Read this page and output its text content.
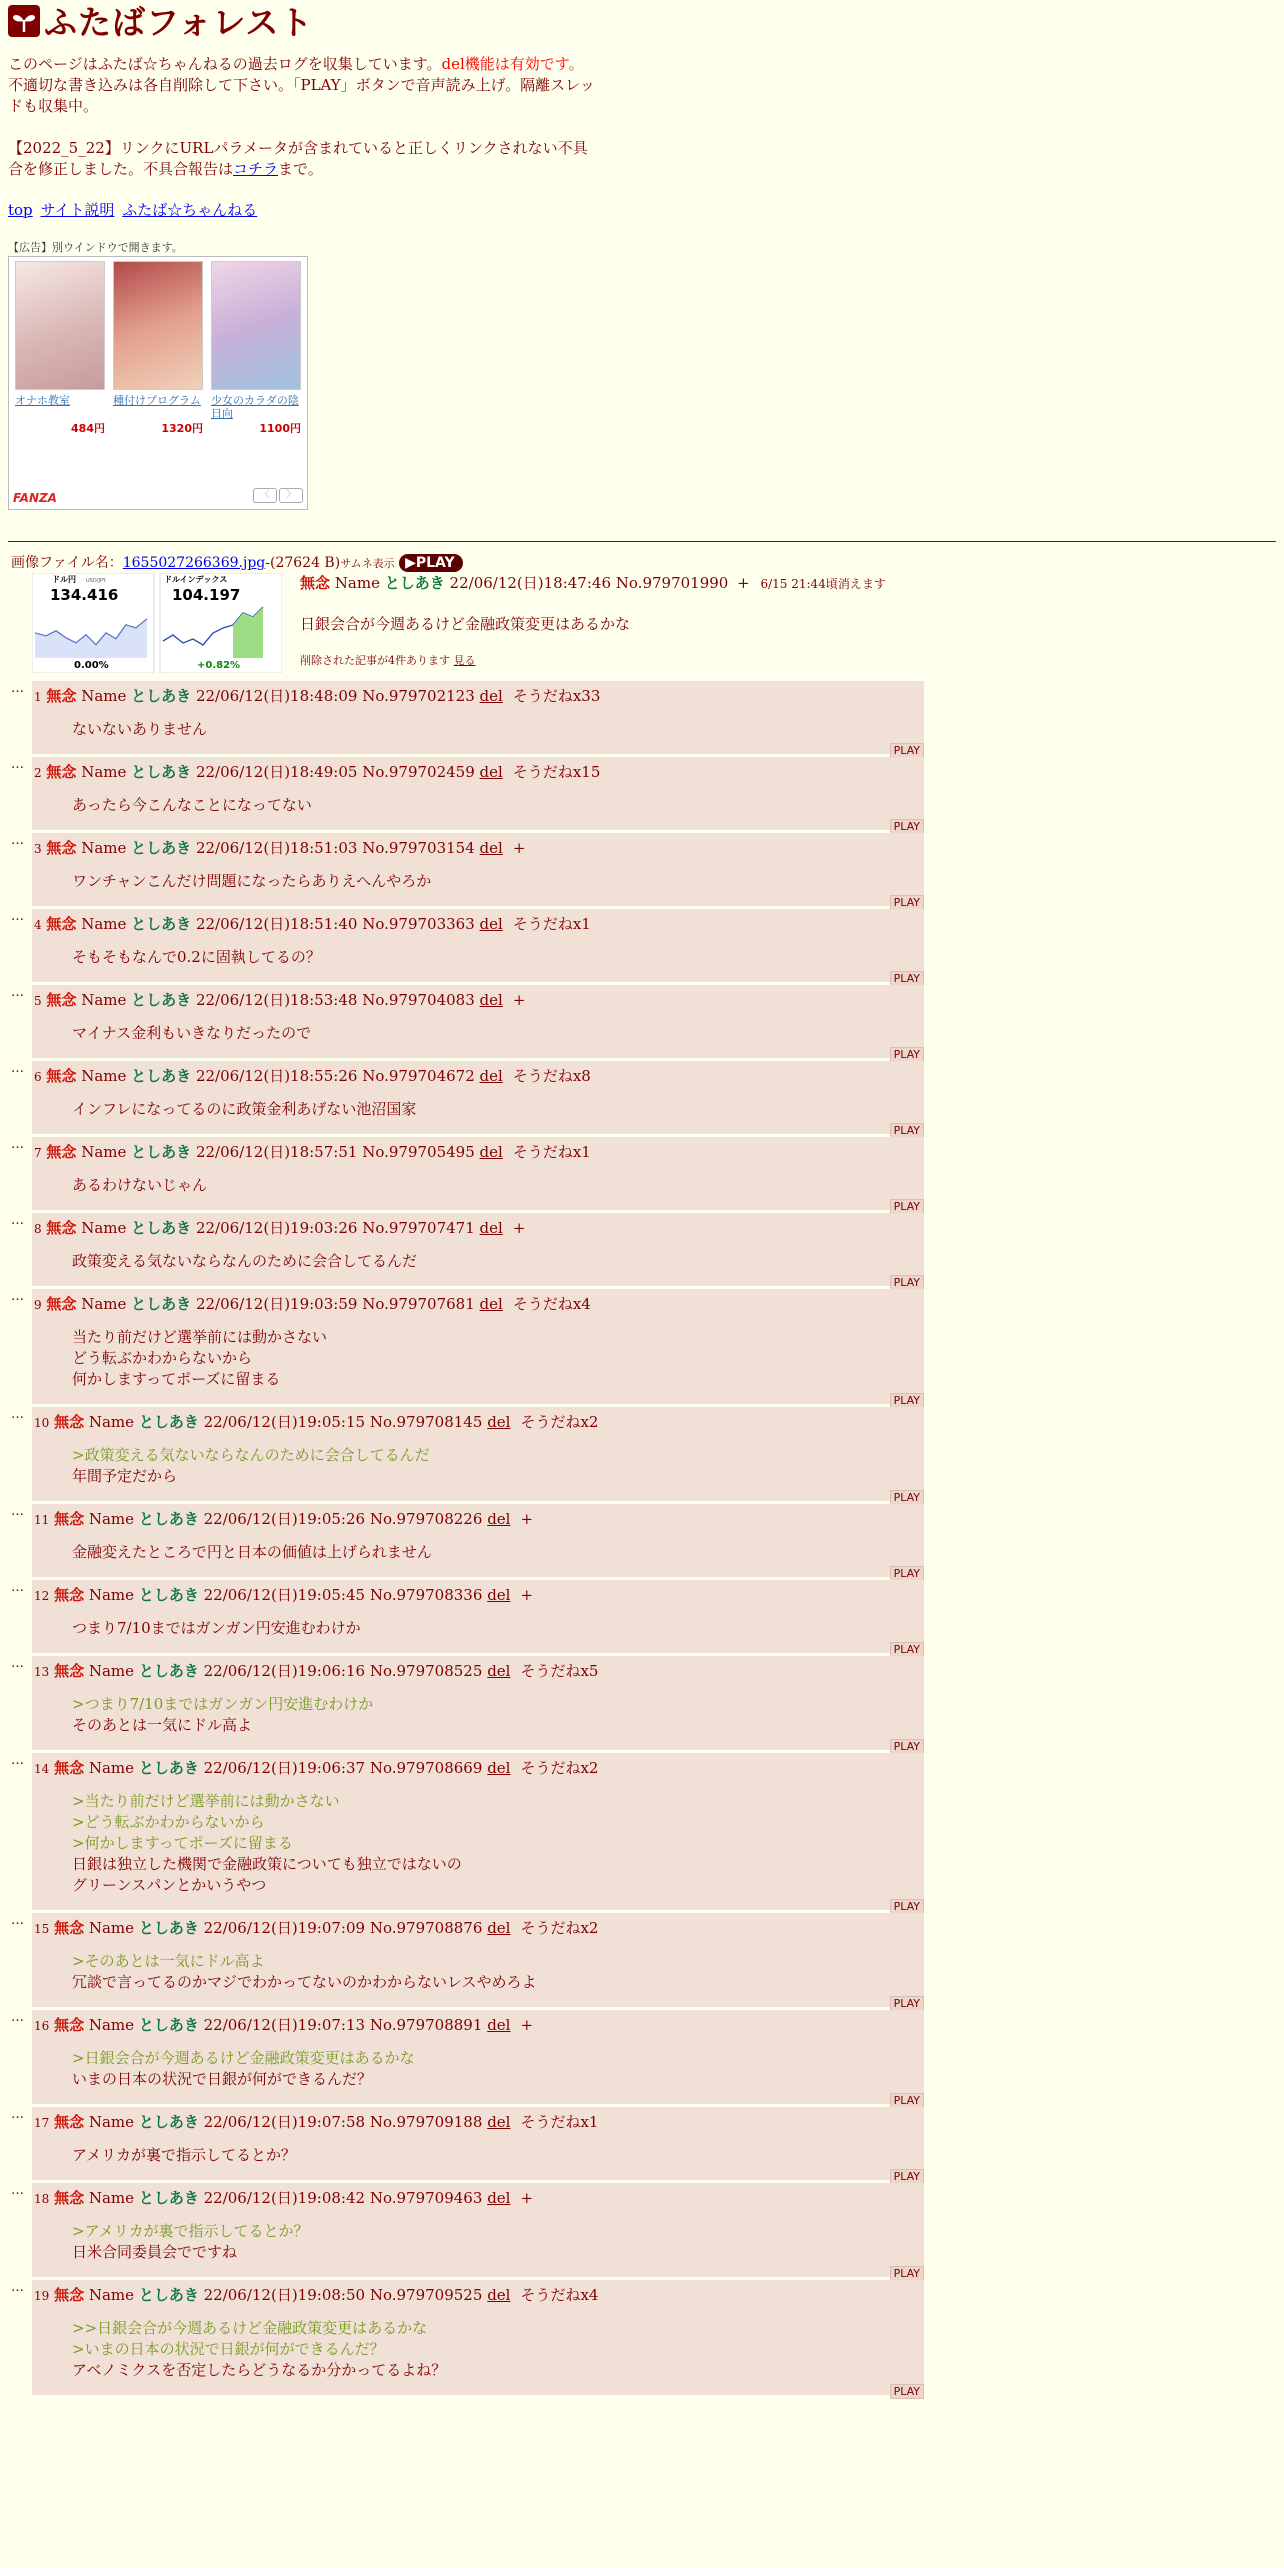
ふたばフォレスト
このページはふたば☆ちゃんねるの過去ログを収集しています。del機能は有効です。不適切な書き込みは各自削除して下さい。「PLAY」ボタンで音声読み上げ。隔離スレッドも収集中。
【2022_5_22】リンクにURLパラメータが含まれていると正しくリンクされない不具合を修正しました。不具合報告はコチラまで。
top サイト説明 ふたば☆ちゃんねる
【広告】別ウインドウで開きます。
オナホ教室
484円
種付けプログラム
1320円
少女のカラダの陰日向
1100円
FANZA	〈	〉
画像ファイル名：1655027266369.jpg-(27624 B)サムネ表示 ▶PLAY
ドル円 USD/JPY
134.416
0.00%
ドルインデックス
104.197
+0.82%
無念 Name としあき 22/06/12(日)18:47:46 No.979701990 + 6/15 21:44頃消えます
日銀会合が今週あるけど金融政策変更はあるかな
削除された記事が4件あります 見る
…
1 無念 Name としあき 22/06/12(日)18:48:09 No.979702123 del そうだねx33
ないないありません
PLAY
…
2 無念 Name としあき 22/06/12(日)18:49:05 No.979702459 del そうだねx15
あったら今こんなことになってない
PLAY
…
3 無念 Name としあき 22/06/12(日)18:51:03 No.979703154 del +
ワンチャンこんだけ問題になったらありえへんやろか
PLAY
…
4 無念 Name としあき 22/06/12(日)18:51:40 No.979703363 del そうだねx1
そもそもなんで0.2に固執してるの？
PLAY
…
5 無念 Name としあき 22/06/12(日)18:53:48 No.979704083 del +
マイナス金利もいきなりだったので
PLAY
…
6 無念 Name としあき 22/06/12(日)18:55:26 No.979704672 del そうだねx8
インフレになってるのに政策金利あげない池沼国家
PLAY
…
7 無念 Name としあき 22/06/12(日)18:57:51 No.979705495 del そうだねx1
あるわけないじゃん
PLAY
…
8 無念 Name としあき 22/06/12(日)19:03:26 No.979707471 del +
政策変える気ないならなんのために会合してるんだ
PLAY
…
9 無念 Name としあき 22/06/12(日)19:03:59 No.979707681 del そうだねx4
当たり前だけど選挙前には動かさない
どう転ぶかわからないから
何かしますってポーズに留まる
PLAY
…
10 無念 Name としあき 22/06/12(日)19:05:15 No.979708145 del そうだねx2
>政策変える気ないならなんのために会合してるんだ
年間予定だから
PLAY
…
11 無念 Name としあき 22/06/12(日)19:05:26 No.979708226 del +
金融変えたところで円と日本の価値は上げられません
PLAY
…
12 無念 Name としあき 22/06/12(日)19:05:45 No.979708336 del +
つまり7/10まではガンガン円安進むわけか
PLAY
…
13 無念 Name としあき 22/06/12(日)19:06:16 No.979708525 del そうだねx5
>つまり7/10まではガンガン円安進むわけか
そのあとは一気にドル高よ
PLAY
…
14 無念 Name としあき 22/06/12(日)19:06:37 No.979708669 del そうだねx2
>当たり前だけど選挙前には動かさない
>どう転ぶかわからないから
>何かしますってポーズに留まる
日銀は独立した機関で金融政策についても独立ではないの
グリーンスパンとかいうやつ
PLAY
…
15 無念 Name としあき 22/06/12(日)19:07:09 No.979708876 del そうだねx2
>そのあとは一気にドル高よ
冗談で言ってるのかマジでわかってないのかわからないレスやめろよ
PLAY
…
16 無念 Name としあき 22/06/12(日)19:07:13 No.979708891 del +
>日銀会合が今週あるけど金融政策変更はあるかな
いまの日本の状況で日銀が何ができるんだ？
PLAY
…
17 無念 Name としあき 22/06/12(日)19:07:58 No.979709188 del そうだねx1
アメリカが裏で指示してるとか？
PLAY
…
18 無念 Name としあき 22/06/12(日)19:08:42 No.979709463 del +
>アメリカが裏で指示してるとか？
日米合同委員会でですね
PLAY
…
19 無念 Name としあき 22/06/12(日)19:08:50 No.979709525 del そうだねx4
>>日銀会合が今週あるけど金融政策変更はあるかな
>いまの日本の状況で日銀が何ができるんだ？
アベノミクスを否定したらどうなるか分かってるよね？
PLAY
